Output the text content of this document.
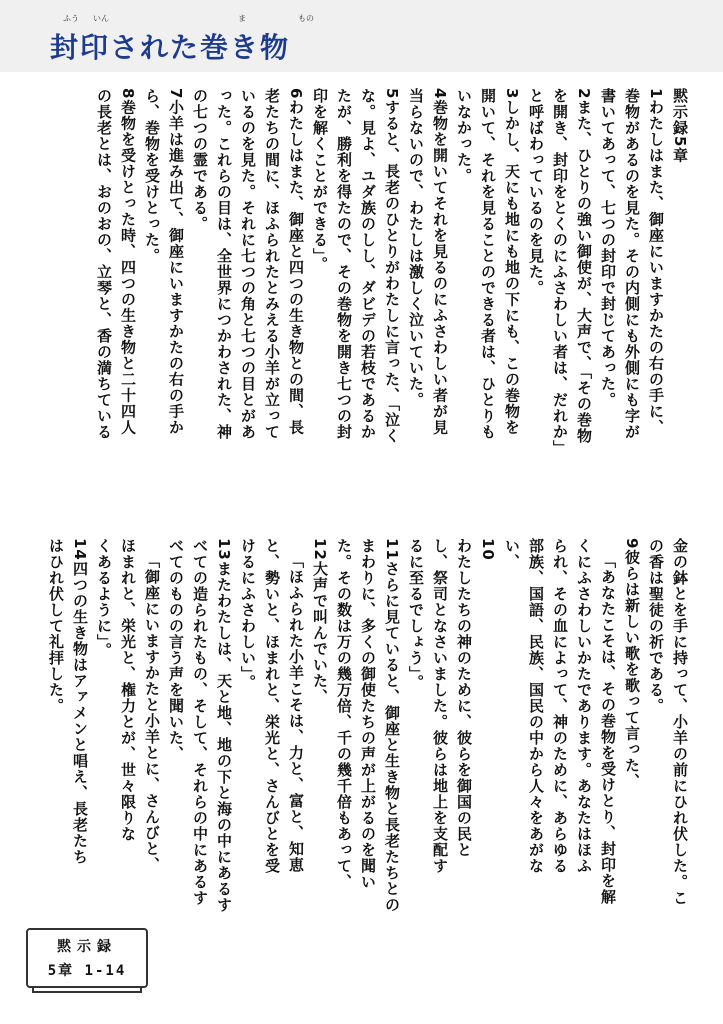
ふう いん	ま	もの
封印された巻き物
黙示録5章
1わたしはまた、御座にいますかたの右の手に、
巻物があるのを見た。その内側にも外側にも字が
書いてあって、七つの封印で封じてあった。
2また、ひとりの強い御使が、大声で、「その巻物
を開き、封印をとくのにふさわしい者は、だれか」
と呼ばわっているのを見た。
3しかし、天にも地にも地の下にも、この巻物を
開いて、それを見ることのできる者は、ひとりも
いなかった。
4巻物を開いてそれを見るのにふさわしい者が見
当らないので、わたしは激しく泣いていた。
5すると、長老のひとりがわたしに言った、「泣く
な。見よ、ユダ族のしし、ダビデの若枝であるか
たが、勝利を得たので、その巻物を開き七つの封
印を解くことができる」。
6わたしはまた、御座と四つの生き物との間、長
老たちの間に、ほふられたとみえる小羊が立って
いるのを見た。それに七つの角と七つの目とがあ
った。これらの目は、全世界につかわされた、神
の七つの霊である。
7小羊は進み出て、御座にいますかたの右の手か
ら、巻物を受けとった。
8巻物を受けとった時、四つの生き物と二十四人
の長老とは、おのおの、立琴と、香の満ちている
金の鉢とを手に持って、小羊の前にひれ伏した。こ
の香は聖徒の祈である。
9彼らは新しい歌を歌って言った、
「あなたこそは、その巻物を受けとり、封印を解
くにふさわしいかたであります。あなたはほふ
られ、その血によって、神のために、あらゆる
部族、国語、民族、国民の中から人々をあがな
い、
10
わたしたちの神のために、彼らを御国の民と
し、祭司となさいました。彼らは地上を支配す
るに至るでしょう」。
11さらに見ていると、御座と生き物と長老たちとの
まわりに、多くの御使たちの声が上がるのを聞い
た。その数は万の幾万倍、千の幾千倍もあって、
12大声で叫んでいた、
「ほふられた小羊こそは、力と、富と、知恵
と、勢いと、ほまれと、栄光と、さんびとを受
けるにふさわしい」。
13またわたしは、天と地、地の下と海の中にあるす
べての造られたもの、そして、それらの中にあるす
べてのものの言う声を聞いた、
「御座にいますかたと小羊とに、さんびと、
ほまれと、栄光と、権力とが、世々限りな
くあるように」。
14四つの生き物はアァメンと唱え、長老たち
はひれ伏して礼拝した。
黙示録
5章 1-14
